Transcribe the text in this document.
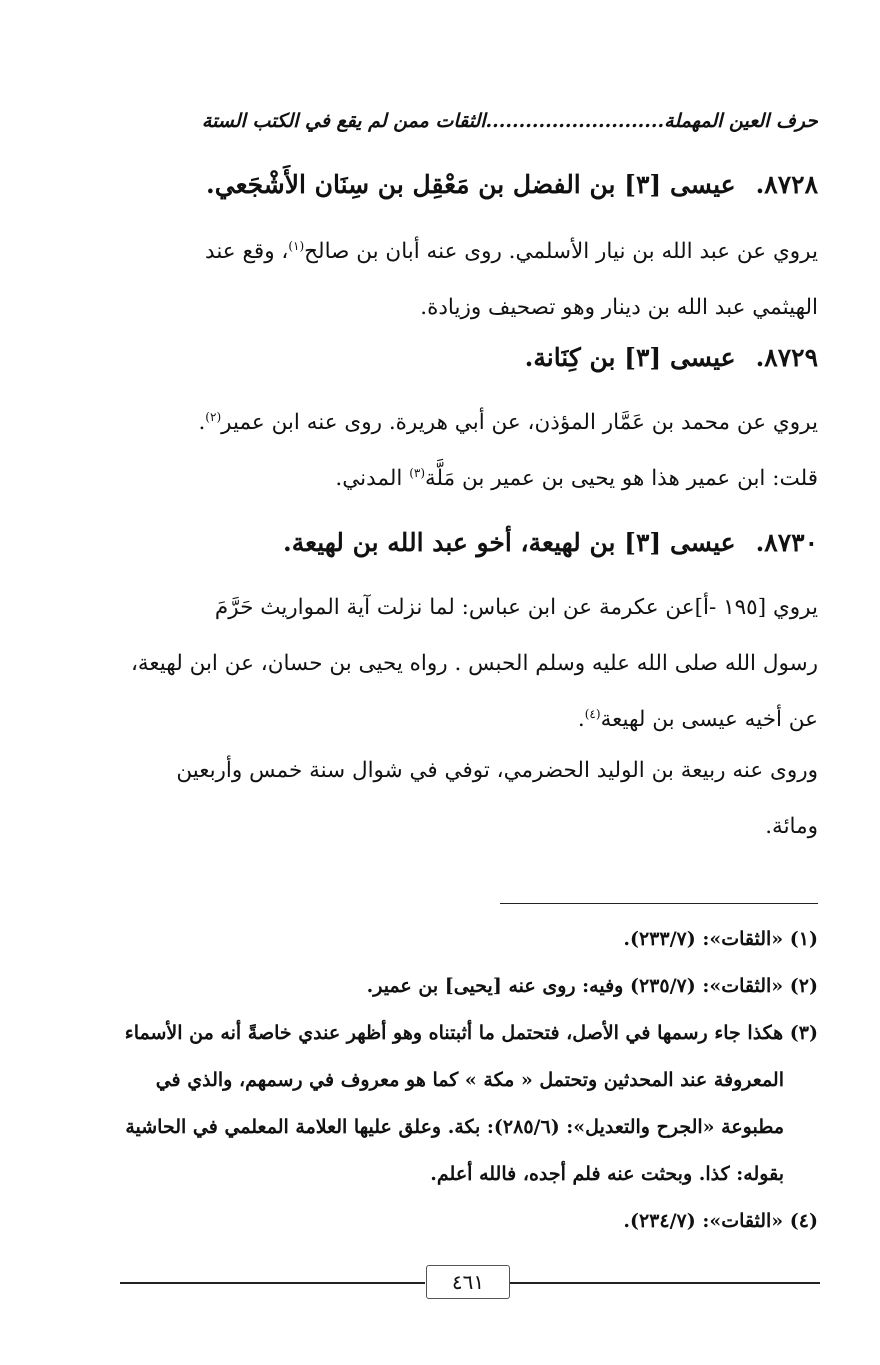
حرف العين المهملة...........................الثقات ممن لم يقع في الكتب الستة
٨٧٢٨.عيسى [٣] بن الفضل بن مَعْقِل بن سِنَان الأَشْجَعي.

يروي عن عبد الله بن نيار الأسلمي. روى عنه أبان بن صالح$^{(١)}$، وقع عند

الهيثمي عبد الله بن دينار وهو تصحيف وزيادة.

٨٧٢٩.عيسى [٣] بن كِنَانة.

يروي عن محمد بن عَمَّار المؤذن، عن أبي هريرة. روى عنه ابن عمير$^{(٢)}$.

قلت: ابن عمير هذا هو يحيى بن عمير بن مَلَّة$^{(٣)}$ المدني.

٨٧٣٠.عيسى [٣] بن لهيعة، أخو عبد الله بن لهيعة.

يروي [١٩٥ -أ]عن عكرمة عن ابن عباس: لما نزلت آية المواريث حَرَّمَ

رسول الله صلى الله عليه وسلم الحبس . رواه يحيى بن حسان، عن ابن لهيعة،

عن أخيه عيسى بن لهيعة$^{(٤)}$.

وروى عنه ربيعة بن الوليد الحضرمي، توفي في شوال سنة خمس وأربعين

ومائة.

(١) «الثقات»: (٢٣٣/٧).

(٢) «الثقات»: (٢٣٥/٧) وفيه: روى عنه [يحيى] بن عمير.

(٣) هكذا جاء رسمها في الأصل، فتحتمل ما أثبتناه وهو أظهر عندي خاصةً أنه من الأسماء

المعروفة عند المحدثين وتحتمل « مكة » كما هو معروف في رسمهم، والذي في

مطبوعة «الجرح والتعديل»: (٢٨٥/٦): بكة. وعلق عليها العلامة المعلمي في الحاشية

بقوله: كذا. وبحثت عنه فلم أجده، فالله أعلم.

(٤) «الثقات»: (٢٣٤/٧).

٤٦١
